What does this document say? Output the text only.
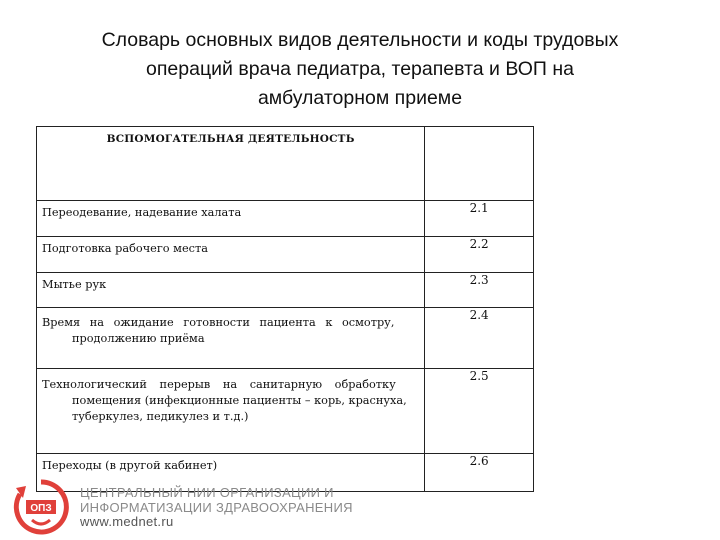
Словарь основных видов деятельности и коды трудовых
операций врача педиатра, терапевта и ВОП на
амбулаторном приеме
ВСПОМОГАТЕЛЬНАЯ ДЕЯТЕЛЬНОСТЬ	

Переодевание, надевание халата	2.1

Подготовка рабочего места	2.2

Мытье рук	2.3

Время на ожидание готовности пациента к осмотру,
продолжению приёма	2.4

Технологический перерыв на санитарную обработку
помещения (инфекционные пациенты – корь, краснуха,
туберкулез, педикулез и т.д.)	2.5

Переходы (в другой кабинет)	2.6
ОПЗ
ЦЕНТРАЛЬНЫЙ НИИ ОРГАНИЗАЦИИ И
ИНФОРМАТИЗАЦИИ ЗДРАВООХРАНЕНИЯ
www.mednet.ru
